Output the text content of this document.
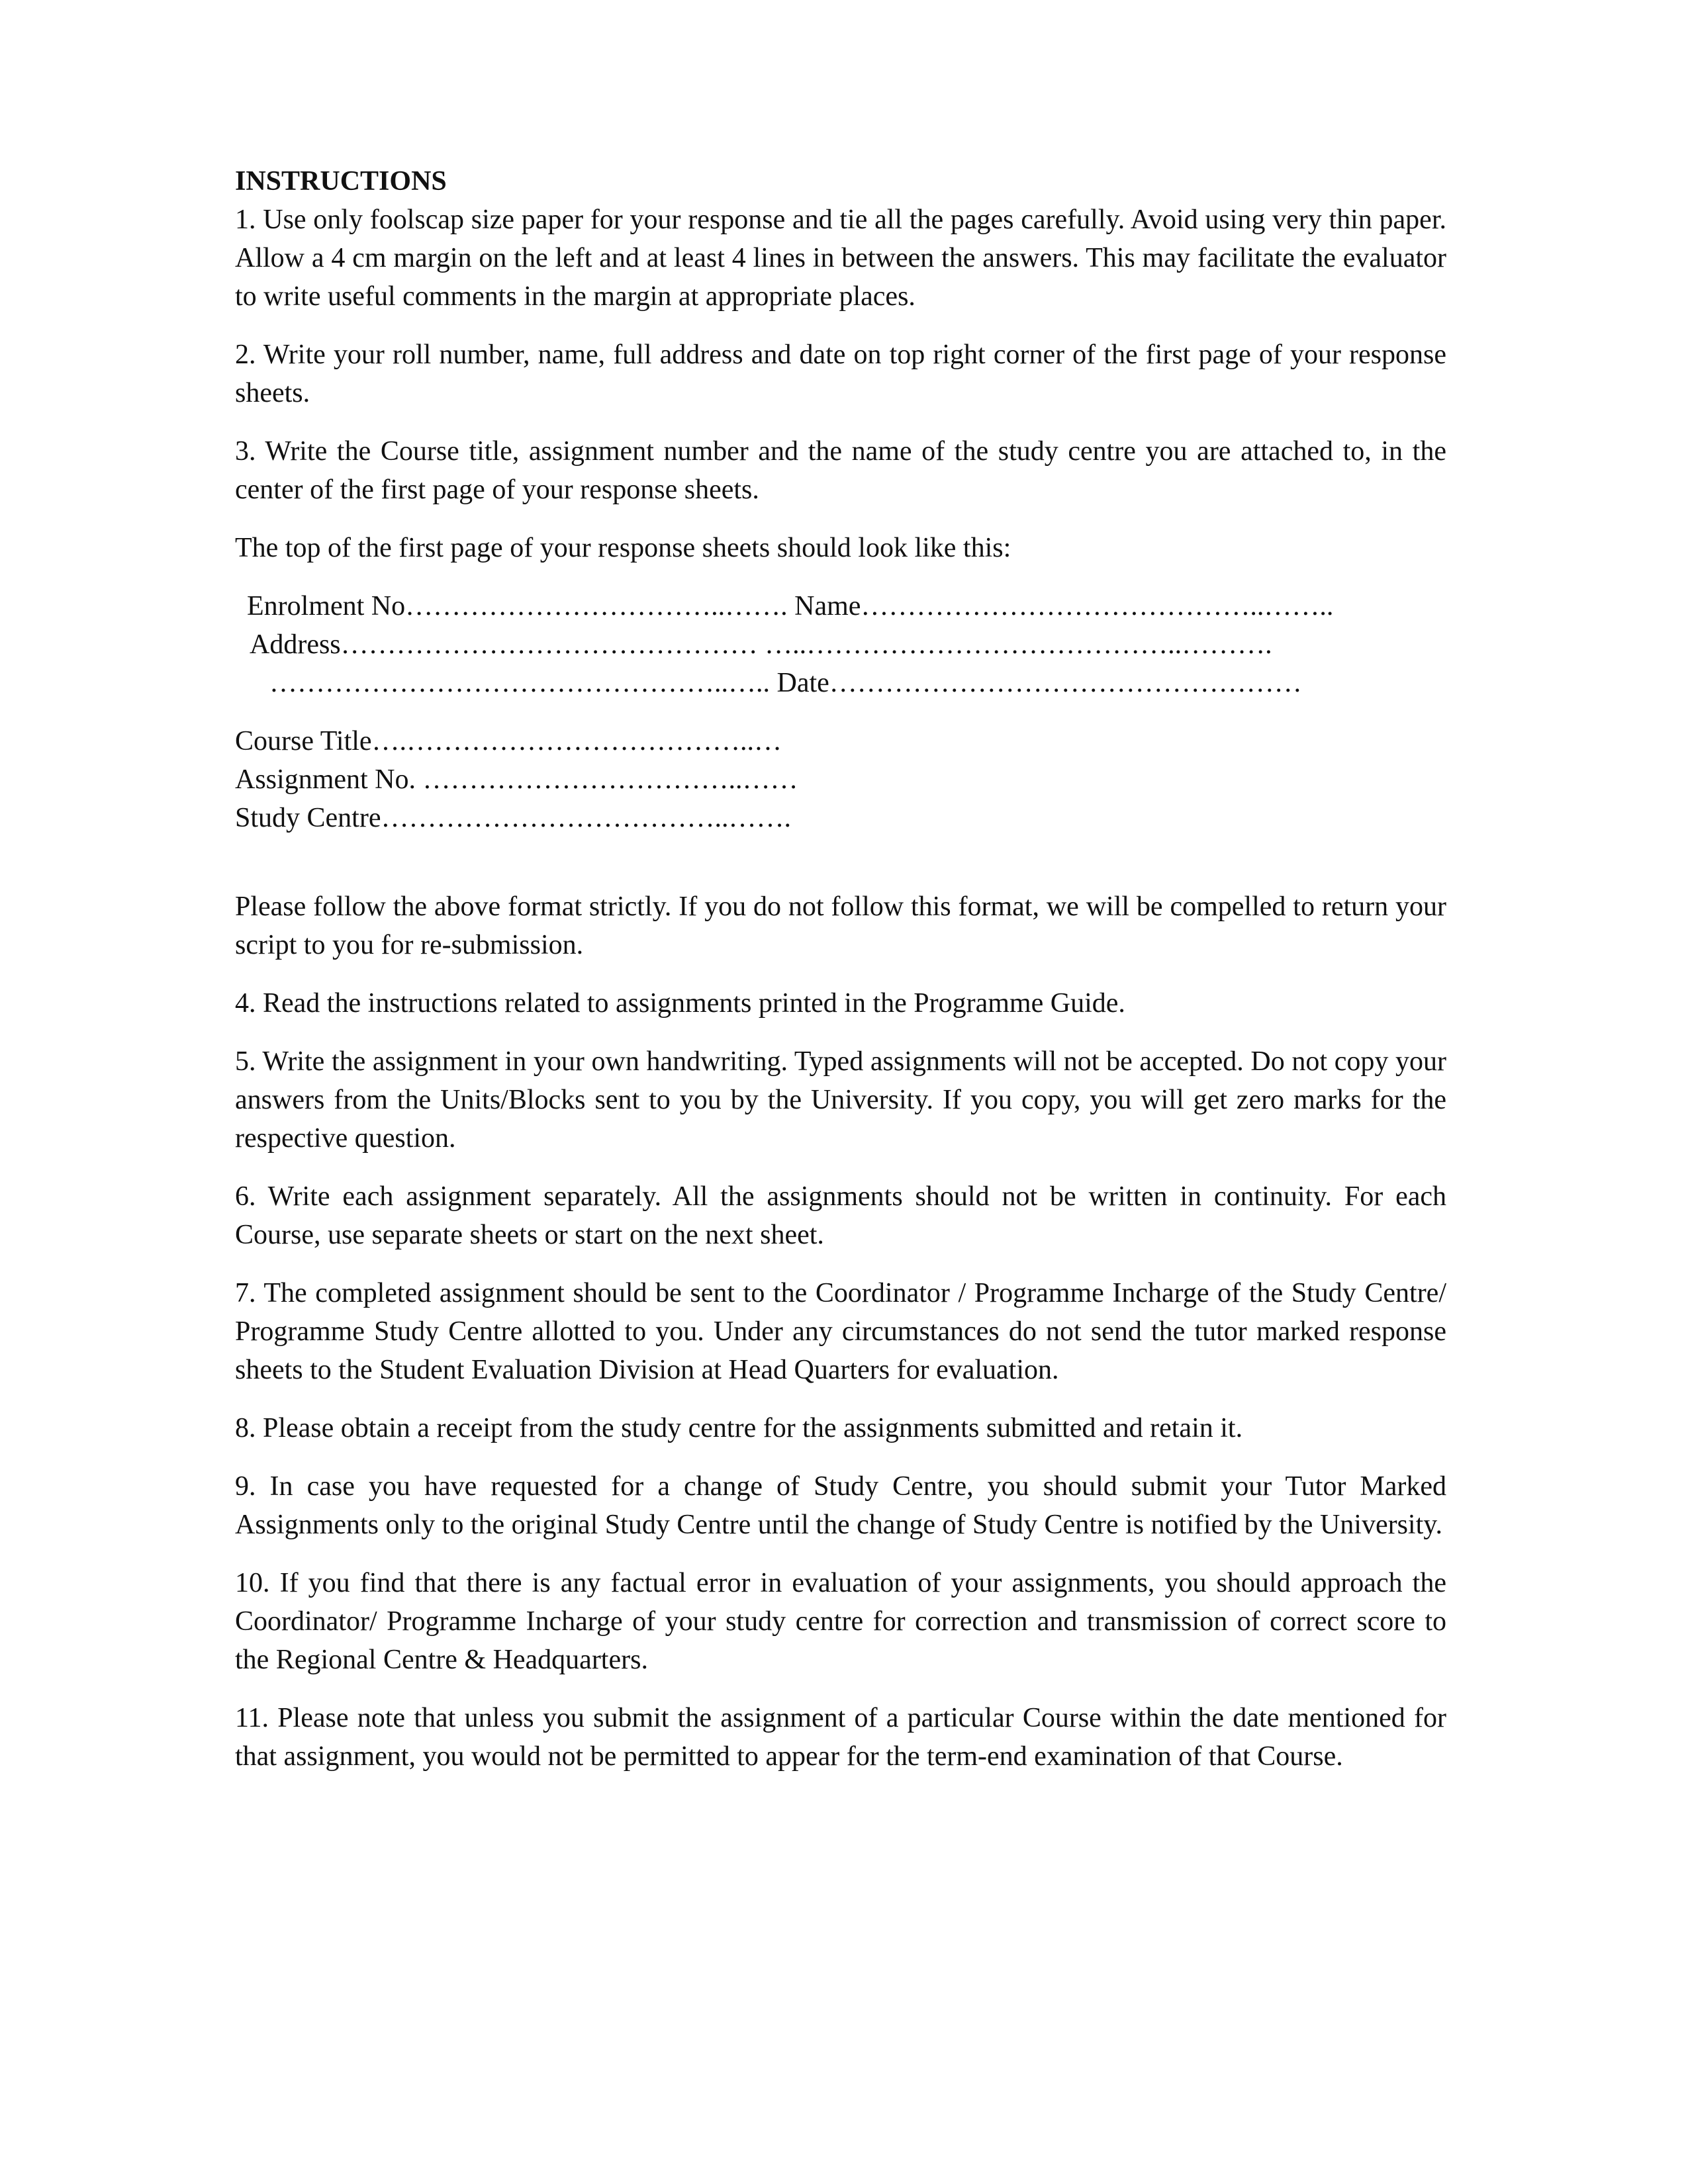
INSTRUCTIONS

1. Use only foolscap size paper for your response and tie all the pages carefully. Avoid using very thin paper. Allow a 4 cm margin on the left and at least 4 lines in between the answers. This may facilitate the evaluator to write useful comments in the margin at appropriate places.

2. Write your roll number, name, full address and date on top right corner of the first page of your response sheets.

3. Write the Course title, assignment number and the name of the study centre you are attached to, in the center of the first page of your response sheets.

The top of the first page of your response sheets should look like this:

Enrolment No……………………………..……. Name……………………………………..……..
Address……………………………………… …..…………………………………..……….
…………………………………………..….. Date……………………………………………
Course Title….………………………………..…
Assignment No. ……………………………..……
Study Centre………………………………..…….

Please follow the above format strictly. If you do not follow this format, we will be compelled to return your script to you for re-submission.

4. Read the instructions related to assignments printed in the Programme Guide.

5. Write the assignment in your own handwriting. Typed assignments will not be accepted. Do not copy your answers from the Units/Blocks sent to you by the University. If you copy, you will get zero marks for the respective question.

6. Write each assignment separately. All the assignments should not be written in continuity. For each Course, use separate sheets or start on the next sheet.

7. The completed assignment should be sent to the Coordinator / Programme Incharge of the Study Centre/ Programme Study Centre allotted to you. Under any circumstances do not send the tutor marked response sheets to the Student Evaluation Division at Head Quarters for evaluation.

8. Please obtain a receipt from the study centre for the assignments submitted and retain it.

9. In case you have requested for a change of Study Centre, you should submit your Tutor Marked Assignments only to the original Study Centre until the change of Study Centre is notified by the University.

10. If you find that there is any factual error in evaluation of your assignments, you should approach the Coordinator/ Programme Incharge of your study centre for correction and transmission of correct score to the Regional Centre & Headquarters.

11. Please note that unless you submit the assignment of a particular Course within the date mentioned for that assignment, you would not be permitted to appear for the term-end examination of that Course.
